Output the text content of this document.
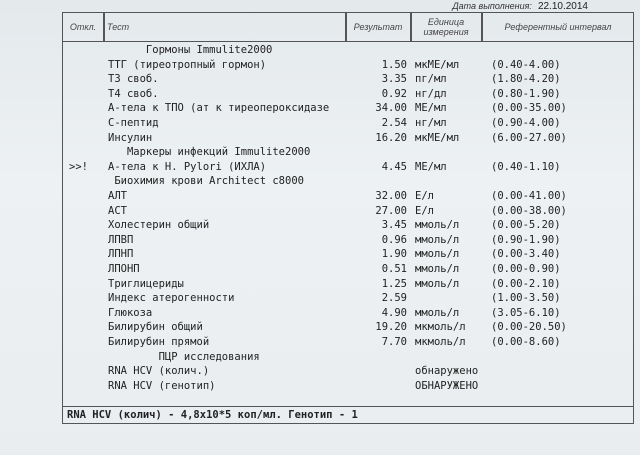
Дата выполнения: 22.10.2014
Откл.	Тест	Результат	Единица измерения	Референтный интервал
Гормоны Immulite2000
ТТГ (тиреотропный гормон)	1.50 мкМЕ/мл	(0.40-4.00)
Т3 своб.	3.35 пг/мл	(1.80-4.20)
Т4 своб.	0.92 нг/дл	(0.80-1.90)
А-тела к ТПО (ат к тиреопероксидазе	34.00 МЕ/мл	(0.00-35.00)
С-пептид	2.54 нг/мл	(0.90-4.00)
Инсулин	16.20 мкМЕ/мл	(6.00-27.00)
Маркеры инфекций Immulite2000
>>! А-тела к H. Pylori (ИХЛА)	4.45 МЕ/мл	(0.40-1.10)
Биохимия крови Architect c8000
АЛТ	32.00 Е/л	(0.00-41.00)
АСТ	27.00 Е/л	(0.00-38.00)
Холестерин общий	3.45 ммоль/л	(0.00-5.20)
ЛПВП	0.96 ммоль/л	(0.90-1.90)
ЛПНП	1.90 ммоль/л	(0.00-3.40)
ЛПОНП	0.51 ммоль/л	(0.00-0.90)
Триглицериды	1.25 ммоль/л	(0.00-2.10)
Индекс атерогенности	2.59	(1.00-3.50)
Глюкоза	4.90 ммоль/л	(3.05-6.10)
Билирубин общий	19.20 мкмоль/л (0.00-20.50)
Билирубин прямой	7.70 мкмоль/л (0.00-8.60)
ПЦР исследования
RNA HCV (колич.)	обнаружено
RNA HCV (генотип)	ОБНАРУЖЕНО
RNA HCV (колич) - 4,8x10*5 коп/мл. Генотип - 1
